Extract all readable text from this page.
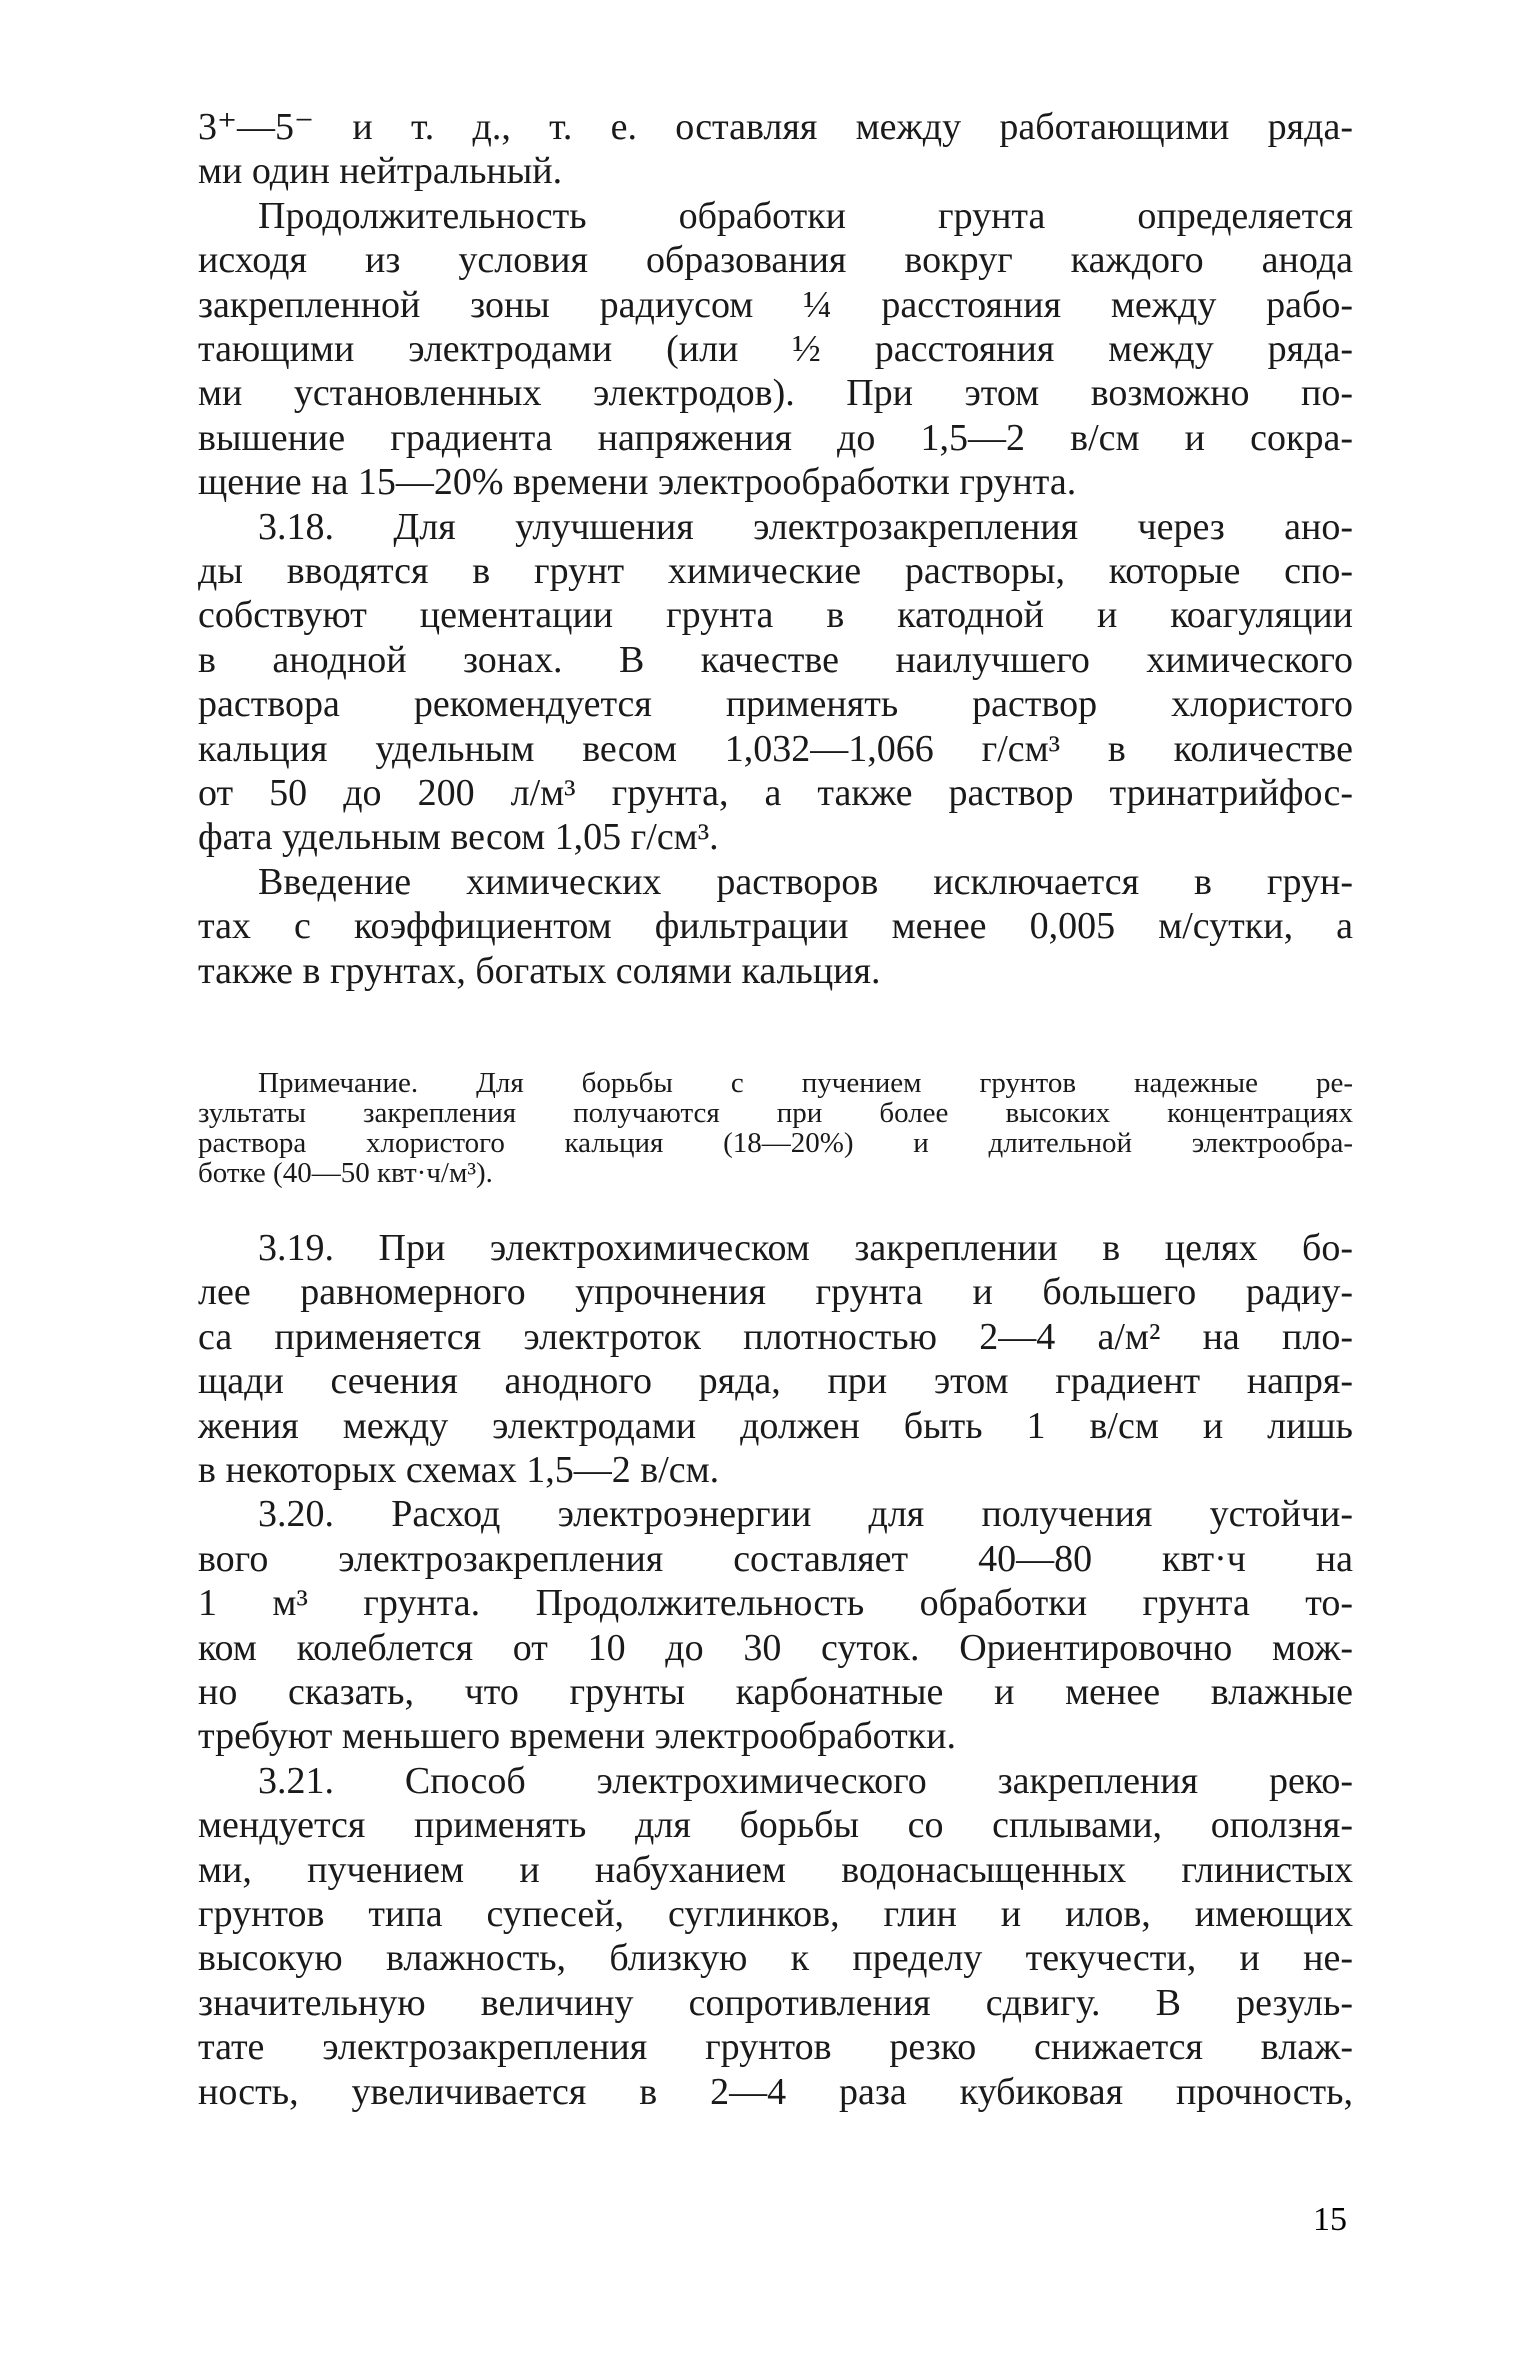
3⁺—5⁻ и т. д., т. е. оставляя между работающими ряда-
ми один нейтральный.
Продолжительность обработки грунта определяется
исходя из условия образования вокруг каждого анода
закрепленной зоны радиусом ¼ расстояния между рабо-
тающими электродами (или ½ расстояния между ряда-
ми установленных электродов). При этом возможно по-
вышение градиента напряжения до 1,5—2 в/см и сокра-
щение на 15—20% времени электрообработки грунта.
3.18. Для улучшения электрозакрепления через ано-
ды вводятся в грунт химические растворы, которые спо-
собствуют цементации грунта в катодной и коагуляции
в анодной зонах. В качестве наилучшего химического
раствора рекомендуется применять раствор хлористого
кальция удельным весом 1,032—1,066 г/см³ в количестве
от 50 до 200 л/м³ грунта, а также раствор тринатрийфос-
фата удельным весом 1,05 г/см³.
Введение химических растворов исключается в грун-
тах с коэффициентом фильтрации менее 0,005 м/сутки, а
также в грунтах, богатых солями кальция.
Примечание. Для борьбы с пучением грунтов надежные ре-
зультаты закрепления получаются при более высоких концентрациях
раствора хлористого кальция (18—20%) и длительной электрообра-
ботке (40—50 квт·ч/м³).
3.19. При электрохимическом закреплении в целях бо-
лее равномерного упрочнения грунта и большего радиу-
са применяется электроток плотностью 2—4 а/м² на пло-
щади сечения анодного ряда, при этом градиент напря-
жения между электродами должен быть 1 в/см и лишь
в некоторых схемах 1,5—2 в/см.
3.20. Расход электроэнергии для получения устойчи-
вого электрозакрепления составляет 40—80 квт·ч на
1 м³ грунта. Продолжительность обработки грунта то-
ком колеблется от 10 до 30 суток. Ориентировочно мож-
но сказать, что грунты карбонатные и менее влажные
требуют меньшего времени электрообработки.
3.21. Способ электрохимического закрепления реко-
мендуется применять для борьбы со сплывами, оползня-
ми, пучением и набуханием водонасыщенных глинистых
грунтов типа супесей, суглинков, глин и илов, имеющих
высокую влажность, близкую к пределу текучести, и не-
значительную величину сопротивления сдвигу. В резуль-
тате электрозакрепления грунтов резко снижается влаж-
ность, увеличивается в 2—4 раза кубиковая прочность,
15
